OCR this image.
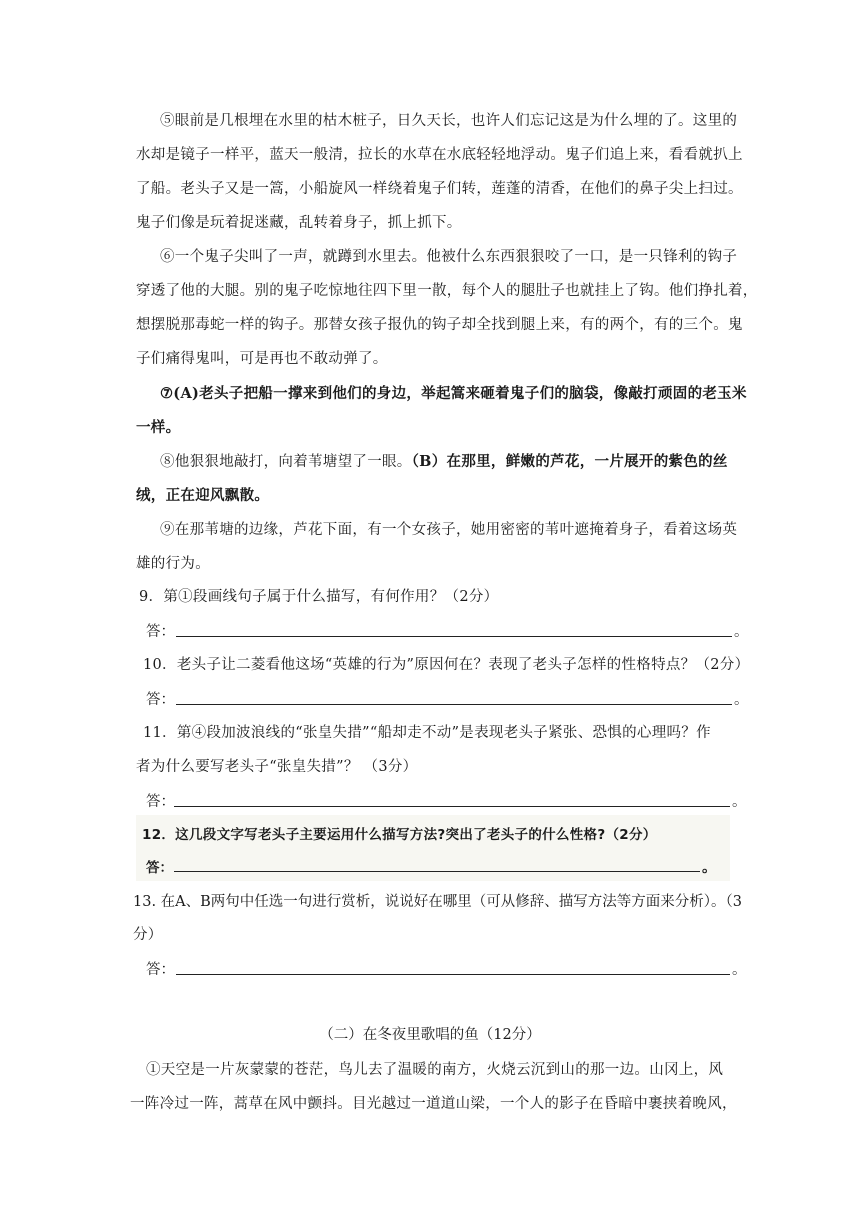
⑤眼前是几根埋在水里的枯木桩子，日久天长，也许人们忘记这是为什么埋的了。这里的
水却是镜子一样平，蓝天一般清，拉长的水草在水底轻轻地浮动。鬼子们追上来，看看就扒上
了船。老头子又是一篙，小船旋风一样绕着鬼子们转，莲蓬的清香，在他们的鼻子尖上扫过。
鬼子们像是玩着捉迷藏，乱转着身子，抓上抓下。
⑥一个鬼子尖叫了一声，就蹲到水里去。他被什么东西狠狠咬了一口，是一只锋利的钩子
穿透了他的大腿。别的鬼子吃惊地往四下里一散，每个人的腿肚子也就挂上了钩。他们挣扎着，
想摆脱那毒蛇一样的钩子。那替女孩子报仇的钩子却全找到腿上来，有的两个，有的三个。鬼
子们痛得鬼叫，可是再也不敢动弹了。
⑦(A)老头子把船一撑来到他们的身边，举起篙来砸着鬼子们的脑袋，像敲打顽固的老玉米
一样。
⑧他狠狠地敲打，向着苇塘望了一眼。（B）在那里，鲜嫩的芦花，一片展开的紫色的丝
绒，正在迎风飘散。
⑨在那苇塘的边缘，芦花下面，有一个女孩子，她用密密的苇叶遮掩着身子，看着这场英
雄的行为。
9．第①段画线句子属于什么描写，有何作用？（2分）
答：	。
10．老头子让二菱看他这场“英雄的行为”原因何在？表现了老头子怎样的性格特点？（2分）
答：	。
11．第④段加波浪线的“张皇失措”“船却走不动”是表现老头子紧张、恐惧的心理吗？作
者为什么要写老头子“张皇失措”？ （3分）
答：	。
12．这几段文字写老头子主要运用什么描写方法?突出了老头子的什么性格?（2分）
答：	。
13. 在A、B两句中任选一句进行赏析，说说好在哪里（可从修辞、描写方法等方面来分析）。（3
分）
答：	。
（二）在冬夜里歌唱的鱼（12分）
①天空是一片灰蒙蒙的苍茫，鸟儿去了温暖的南方，火烧云沉到山的那一边。山冈上，风
一阵冷过一阵，蒿草在风中颤抖。目光越过一道道山梁，一个人的影子在昏暗中裹挟着晚风，
